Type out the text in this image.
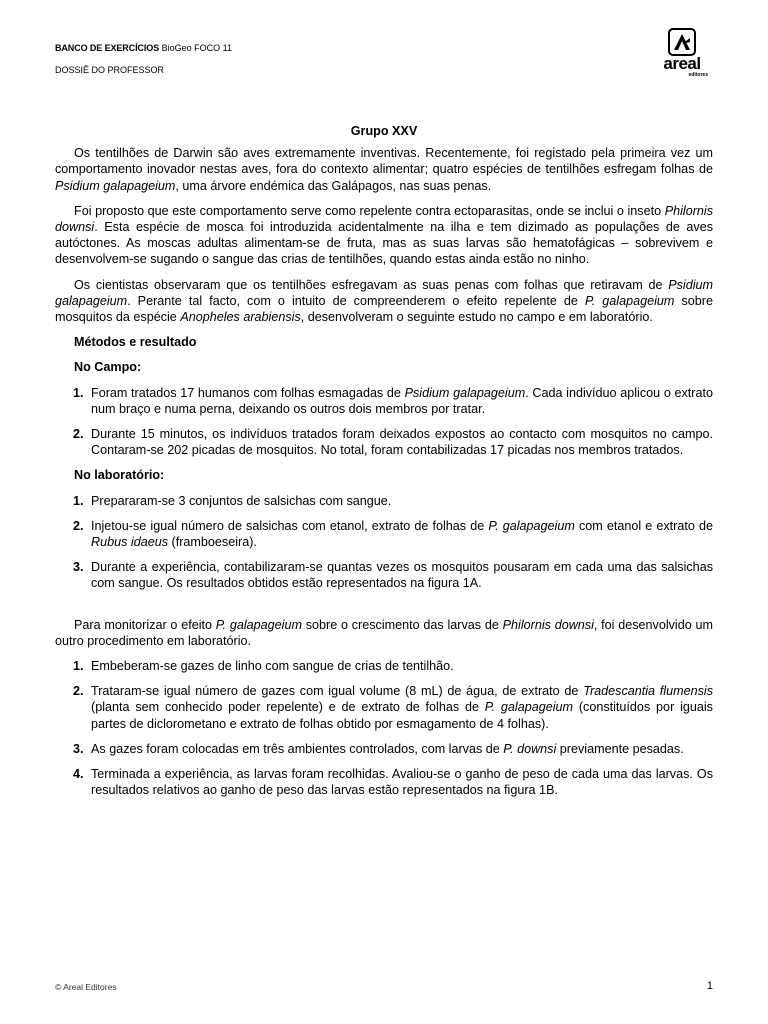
BANCO DE EXERCÍCIOS BioGeo FOCO 11
DOSSIÊ DO PROFESSOR	areal
editores
Grupo XXV

Os tentilhões de Darwin são aves extremamente inventivas. Recentemente, foi registado pela primeira vez um comportamento inovador nestas aves, fora do contexto alimentar; quatro espécies de tentilhões esfregam folhas de Psidium galapageium, uma árvore endémica das Galápagos, nas suas penas.

Foi proposto que este comportamento serve como repelente contra ectoparasitas, onde se inclui o inseto Philornis downsi. Esta espécie de mosca foi introduzida acidentalmente na ilha e tem dizimado as populações de aves autóctones. As moscas adultas alimentam-se de fruta, mas as suas larvas são hematofágicas – sobrevivem e desenvolvem-se sugando o sangue das crias de tentilhões, quando estas ainda estão no ninho.

Os cientistas observaram que os tentilhões esfregavam as suas penas com folhas que retiravam de Psidium galapageium. Perante tal facto, com o intuito de compreenderem o efeito repelente de P. galapageium sobre mosquitos da espécie Anopheles arabiensis, desenvolveram o seguinte estudo no campo e em laboratório.

Métodos e resultado
No Campo:
1. Foram tratados 17 humanos com folhas esmagadas de Psidium galapageium. Cada indivíduo aplicou o extrato num braço e numa perna, deixando os outros dois membros por tratar.
2. Durante 15 minutos, os indivíduos tratados foram deixados expostos ao contacto com mosquitos no campo. Contaram-se 202 picadas de mosquitos. No total, foram contabilizadas 17 picadas nos membros tratados.
No laboratório:
1. Prepararam-se 3 conjuntos de salsichas com sangue.
2. Injetou-se igual número de salsichas com etanol, extrato de folhas de P. galapageium com etanol e extrato de Rubus idaeus (framboeseira).
3. Durante a experiência, contabilizaram-se quantas vezes os mosquitos pousaram em cada uma das salsichas com sangue. Os resultados obtidos estão representados na figura 1A.

Para monitorizar o efeito P. galapageium sobre o crescimento das larvas de Philornis downsi, foi desenvolvido um outro procedimento em laboratório.

1. Embeberam-se gazes de linho com sangue de crias de tentilhão.
2. Trataram-se igual número de gazes com igual volume (8 mL) de água, de extrato de Tradescantia flumensis (planta sem conhecido poder repelente) e de extrato de folhas de P. galapageium (constituídos por iguais partes de diclorometano e extrato de folhas obtido por esmagamento de 4 folhas).
3. As gazes foram colocadas em três ambientes controlados, com larvas de P. downsi previamente pesadas.
4. Terminada a experiência, as larvas foram recolhidas. Avaliou-se o ganho de peso de cada uma das larvas. Os resultados relativos ao ganho de peso das larvas estão representados na figura 1B.
© Areal Editores	1
